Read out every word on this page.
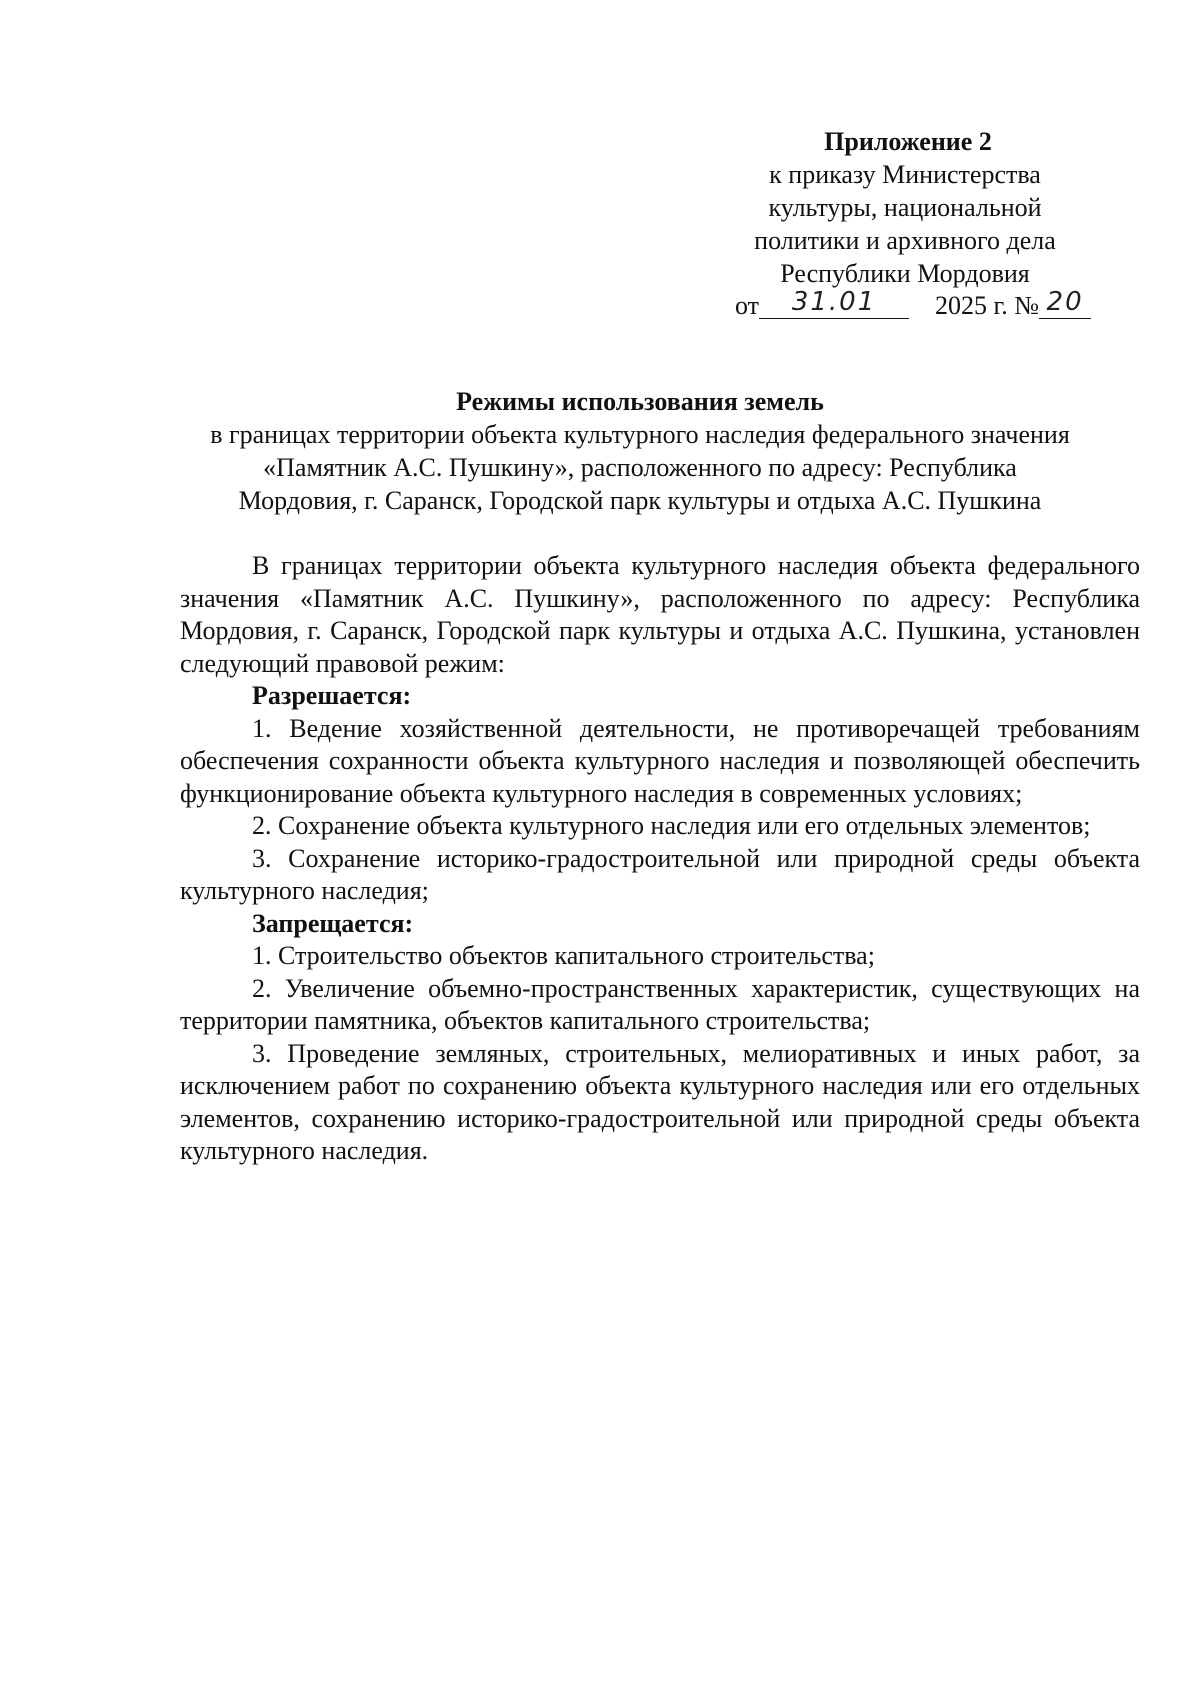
Приложение 2
к приказу Министерства
культуры, национальной
политики и архивного дела
Республики Мордовия
от 31.01 2025 г. № 20
Режимы использования земель
в границах территории объекта культурного наследия федерального значения
«Памятник А.С. Пушкину», расположенного по адресу: Республика
Мордовия, г. Саранск, Городской парк культуры и отдыха А.С. Пушкина

В границах территории объекта культурного наследия объекта федерального значения «Памятник А.С. Пушкину», расположенного по адресу: Республика Мордовия, г. Саранск, Городской парк культуры и отдыха А.С. Пушкина, установлен следующий правовой режим:

Разрешается:

1. Ведение хозяйственной деятельности, не противоречащей требованиям обеспечения сохранности объекта культурного наследия и позволяющей обеспечить функционирование объекта культурного наследия в современных условиях;

2. Сохранение объекта культурного наследия или его отдельных элементов;

3. Сохранение историко-градостроительной или природной среды объекта культурного наследия;

Запрещается:

1. Строительство объектов капитального строительства;

2. Увеличение объемно-пространственных характеристик, существующих на территории памятника, объектов капитального строительства;

3. Проведение земляных, строительных, мелиоративных и иных работ, за исключением работ по сохранению объекта культурного наследия или его отдельных элементов, сохранению историко-градостроительной или природной среды объекта культурного наследия.
